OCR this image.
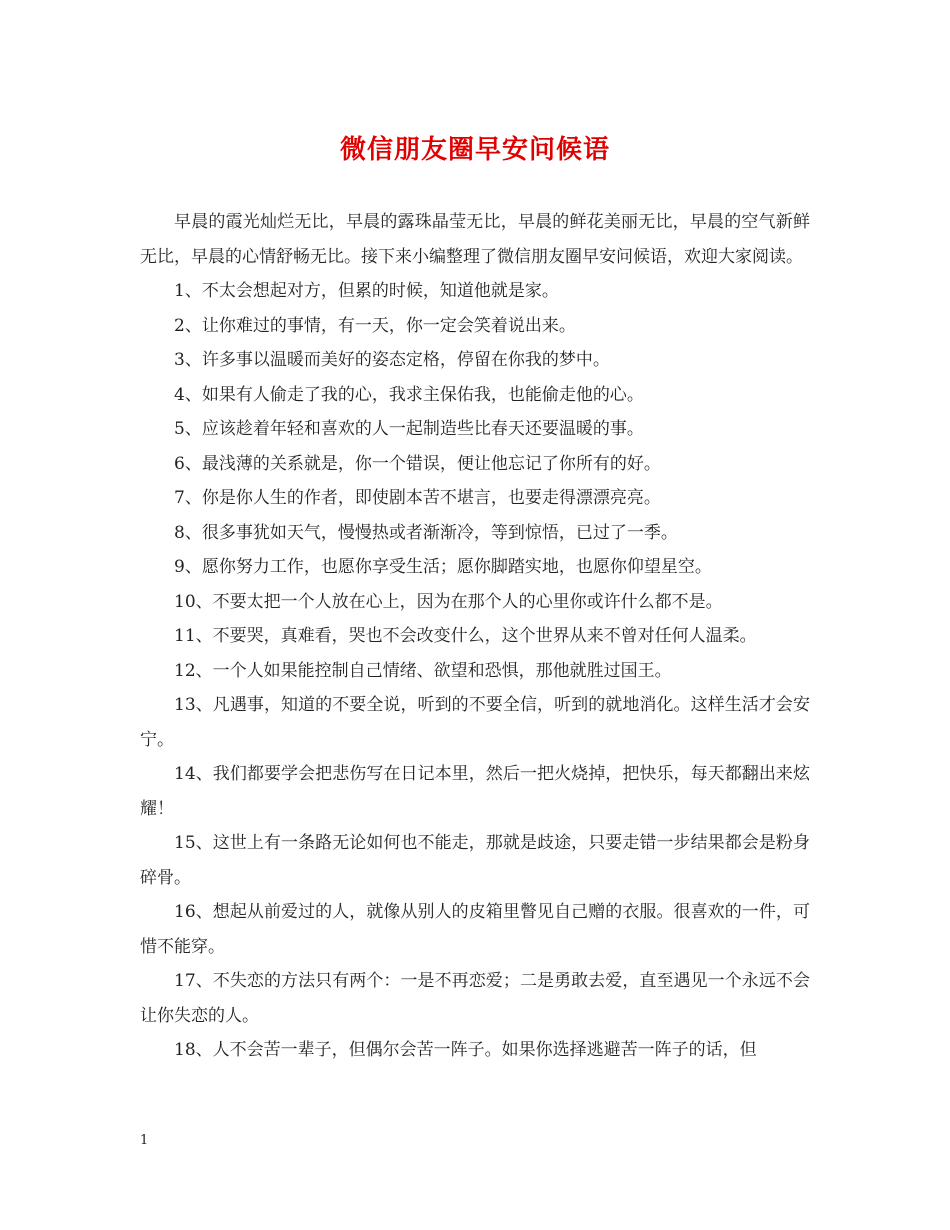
微信朋友圈早安问候语

早晨的霞光灿烂无比，早晨的露珠晶莹无比，早晨的鲜花美丽无比，早晨的空气新鲜无比，早晨的心情舒畅无比。接下来小编整理了微信朋友圈早安问候语，欢迎大家阅读。

1、不太会想起对方，但累的时候，知道他就是家。

2、让你难过的事情，有一天，你一定会笑着说出来。

3、许多事以温暖而美好的姿态定格，停留在你我的梦中。

4、如果有人偷走了我的心，我求主保佑我，也能偷走他的心。

5、应该趁着年轻和喜欢的人一起制造些比春天还要温暖的事。

6、最浅薄的关系就是，你一个错误，便让他忘记了你所有的好。

7、你是你人生的作者，即使剧本苦不堪言，也要走得漂漂亮亮。

8、很多事犹如天气，慢慢热或者渐渐冷，等到惊悟，已过了一季。

9、愿你努力工作，也愿你享受生活；愿你脚踏实地，也愿你仰望星空。

10、不要太把一个人放在心上，因为在那个人的心里你或许什么都不是。

11、不要哭，真难看，哭也不会改变什么，这个世界从来不曾对任何人温柔。

12、一个人如果能控制自己情绪、欲望和恐惧，那他就胜过国王。

13、凡遇事，知道的不要全说，听到的不要全信，听到的就地消化。这样生活才会安宁。

14、我们都要学会把悲伤写在日记本里，然后一把火烧掉，把快乐，每天都翻出来炫耀！

15、这世上有一条路无论如何也不能走，那就是歧途，只要走错一步结果都会是粉身碎骨。

16、想起从前爱过的人，就像从别人的皮箱里瞥见自己赠的衣服。很喜欢的一件，可惜不能穿。

17、不失恋的方法只有两个：一是不再恋爱；二是勇敢去爱，直至遇见一个永远不会让你失恋的人。

18、人不会苦一辈子，但偶尔会苦一阵子。如果你选择逃避苦一阵子的话，但

1
